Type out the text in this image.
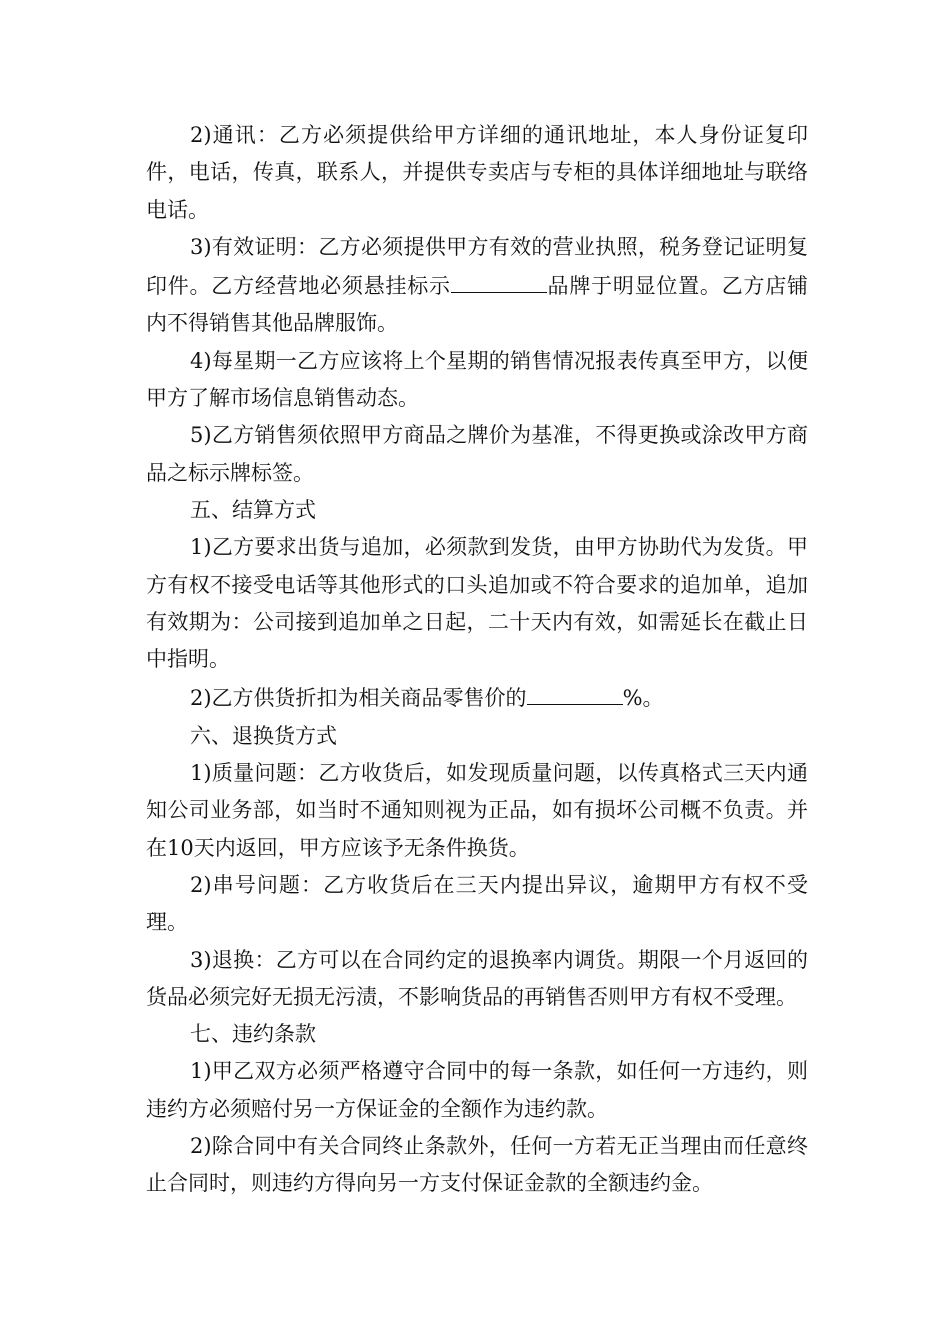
2)通讯：乙方必须提供给甲方详细的通讯地址，本人身份证复印件，电话，传真，联系人，并提供专卖店与专柜的具体详细地址与联络电话。

3)有效证明：乙方必须提供甲方有效的营业执照，税务登记证明复印件。乙方经营地必须悬挂标示	品牌于明显位置。乙方店铺内不得销售其他品牌服饰。

4)每星期一乙方应该将上个星期的销售情况报表传真至甲方，以便甲方了解市场信息销售动态。

5)乙方销售须依照甲方商品之牌价为基准，不得更换或涂改甲方商品之标示牌标签。

五、结算方式

1)乙方要求出货与追加，必须款到发货，由甲方协助代为发货。甲方有权不接受电话等其他形式的口头追加或不符合要求的追加单，追加有效期为：公司接到追加单之日起，二十天内有效，如需延长在截止日中指明。

2)乙方供货折扣为相关商品零售价的	%。

六、退换货方式

1)质量问题：乙方收货后，如发现质量问题，以传真格式三天内通知公司业务部，如当时不通知则视为正品，如有损坏公司概不负责。并在10天内返回，甲方应该予无条件换货。

2)串号问题：乙方收货后在三天内提出异议，逾期甲方有权不受理。

3)退换：乙方可以在合同约定的退换率内调货。期限一个月返回的货品必须完好无损无污渍，不影响货品的再销售否则甲方有权不受理。

七、违约条款

1)甲乙双方必须严格遵守合同中的每一条款，如任何一方违约，则违约方必须赔付另一方保证金的全额作为违约款。

2)除合同中有关合同终止条款外，任何一方若无正当理由而任意终止合同时，则违约方得向另一方支付保证金款的全额违约金。
